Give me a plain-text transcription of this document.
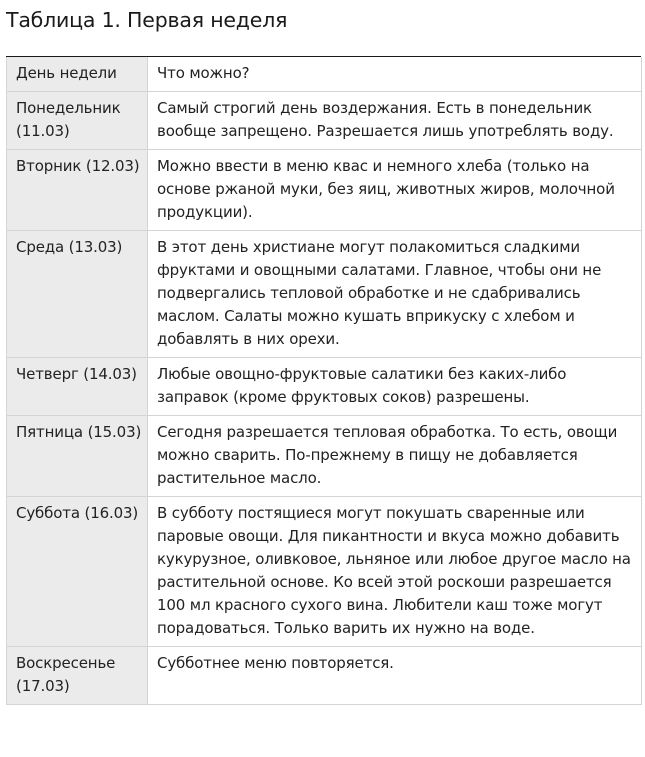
Таблица 1. Первая неделя
День недели	Что можно?
Понедельник (11.03)	Самый строгий день воздержания. Есть в понедельник вообще запрещено. Разрешается лишь употреблять воду.
Вторник (12.03)	Можно ввести в меню квас и немного хлеба (только на основе ржаной муки, без яиц, животных жиров, молочной продукции).
Среда (13.03)	В этот день христиане могут полакомиться сладкими фруктами и овощными салатами. Главное, чтобы они не подвергались тепловой обработке и не сдабривались маслом. Салаты можно кушать вприкуску с хлебом и добавлять в них орехи.
Четверг (14.03)	Любые овощно-фруктовые салатики без каких-либо заправок (кроме фруктовых соков) разрешены.
Пятница (15.03)	Сегодня разрешается тепловая обработка. То есть, овощи можно сварить. По-прежнему в пищу не добавляется растительное масло.
Суббота (16.03)	В субботу постящиеся могут покушать сваренные или паровые овощи. Для пикантности и вкуса можно добавить кукурузное, оливковое, льняное или любое другое масло на растительной основе. Ко всей этой роскоши разрешается 100 мл красного сухого вина. Любители каш тоже могут порадоваться. Только варить их нужно на воде.
Воскресенье (17.03)	Субботнее меню повторяется.
